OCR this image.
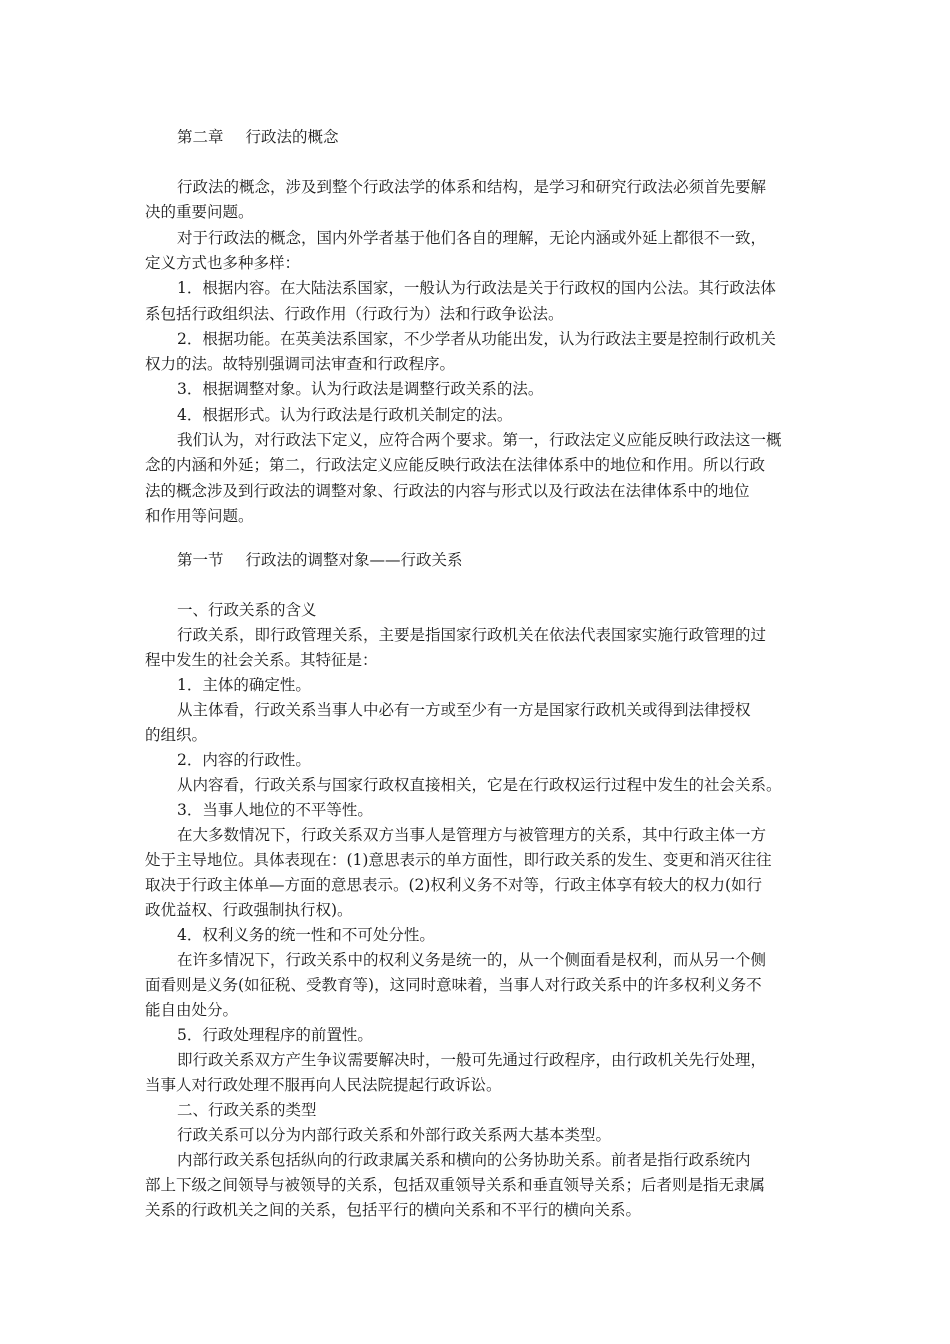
第二章 行政法的概念
行政法的概念，涉及到整个行政法学的体系和结构，是学习和研究行政法必须首先要解
决的重要问题。
对于行政法的概念，国内外学者基于他们各自的理解，无论内涵或外延上都很不一致，
定义方式也多种多样：
1．根据内容。在大陆法系国家，一般认为行政法是关于行政权的国内公法。其行政法体
系包括行政组织法、行政作用（行政行为）法和行政争讼法。
2．根据功能。在英美法系国家，不少学者从功能出发，认为行政法主要是控制行政机关
权力的法。故特别强调司法审查和行政程序。
3．根据调整对象。认为行政法是调整行政关系的法。
4．根据形式。认为行政法是行政机关制定的法。
我们认为，对行政法下定义，应符合两个要求。第一，行政法定义应能反映行政法这一概
念的内涵和外延；第二，行政法定义应能反映行政法在法律体系中的地位和作用。所以行政
法的概念涉及到行政法的调整对象、行政法的内容与形式以及行政法在法律体系中的地位
和作用等问题。
第一节 行政法的调整对象——行政关系
一、行政关系的含义
行政关系，即行政管理关系，主要是指国家行政机关在依法代表国家实施行政管理的过
程中发生的社会关系。其特征是：
1．主体的确定性。
从主体看，行政关系当事人中必有一方或至少有一方是国家行政机关或得到法律授权
的组织。
2．内容的行政性。
从内容看，行政关系与国家行政权直接相关，它是在行政权运行过程中发生的社会关系。
3．当事人地位的不平等性。
在大多数情况下，行政关系双方当事人是管理方与被管理方的关系，其中行政主体一方
处于主导地位。具体表现在：(1)意思表示的单方面性，即行政关系的发生、变更和消灭往往
取决于行政主体单—方面的意思表示。(2)权利义务不对等，行政主体享有较大的权力(如行
政优益权、行政强制执行权)。
4．权利义务的统一性和不可处分性。
在许多情况下，行政关系中的权利义务是统一的，从一个侧面看是权利，而从另一个侧
面看则是义务(如征税、受教育等)，这同时意味着，当事人对行政关系中的许多权利义务不
能自由处分。
5．行政处理程序的前置性。
即行政关系双方产生争议需要解决时，一般可先通过行政程序，由行政机关先行处理，
当事人对行政处理不服再向人民法院提起行政诉讼。
二、行政关系的类型
行政关系可以分为内部行政关系和外部行政关系两大基本类型。
内部行政关系包括纵向的行政隶属关系和横向的公务协助关系。前者是指行政系统内
部上下级之间领导与被领导的关系，包括双重领导关系和垂直领导关系；后者则是指无隶属
关系的行政机关之间的关系，包括平行的横向关系和不平行的横向关系。
